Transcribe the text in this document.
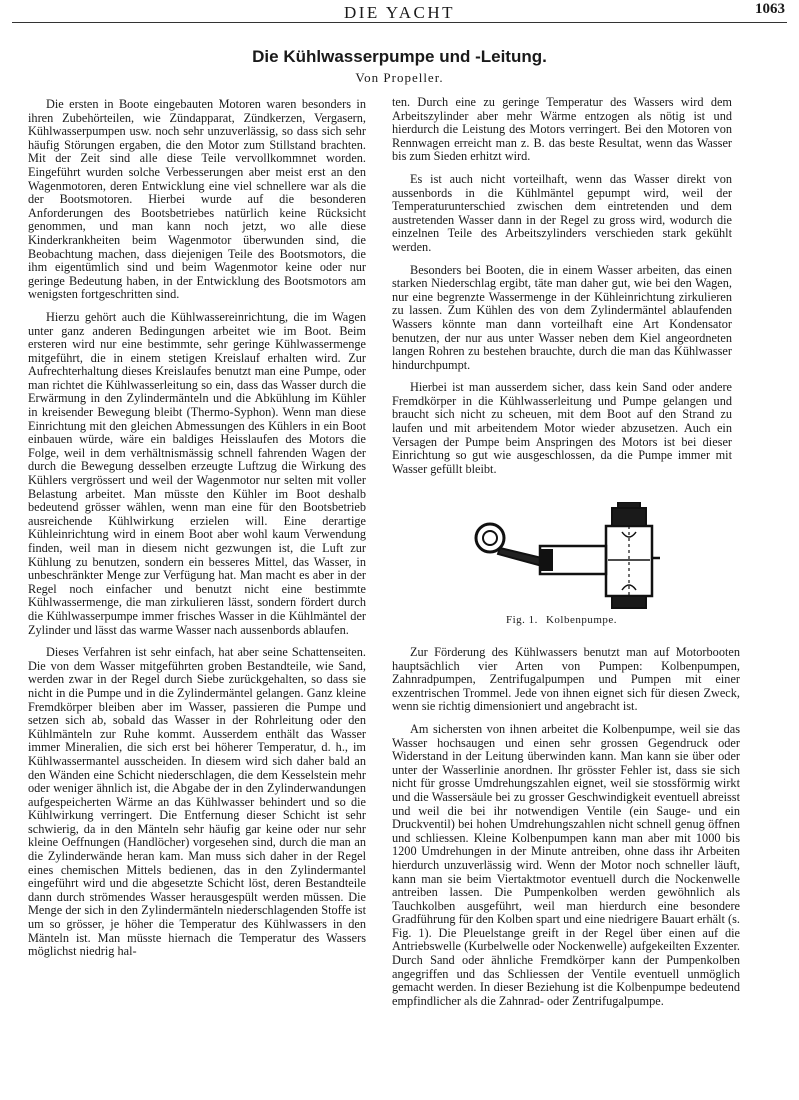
DIE YACHT	1063
Die Kühlwasserpumpe und -Leitung.
Von Propeller.

Die ersten in Boote eingebauten Motoren waren besonders in ihren Zubehörteilen, wie Zündapparat, Zündkerzen, Vergasern, Kühlwasserpumpen usw. noch sehr unzuverlässig, so dass sich sehr häufig Störungen ergaben, die den Motor zum Stillstand brachten. Mit der Zeit sind alle diese Teile vervollkommnet worden. Eingeführt wurden solche Verbesserungen aber meist erst an den Wagenmotoren, deren Entwicklung eine viel schnellere war als die der Bootsmotoren. Hierbei wurde auf die besonderen Anforderungen des Bootsbetriebes natürlich keine Rücksicht genommen, und man kann noch jetzt, wo alle diese Kinderkrankheiten beim Wagenmotor überwunden sind, die Beobachtung machen, dass diejenigen Teile des Bootsmotors, die ihm eigentümlich sind und beim Wagenmotor keine oder nur geringe Bedeutung haben, in der Entwicklung des Bootsmotors am wenigsten fortgeschritten sind.

Hierzu gehört auch die Kühlwassereinrichtung, die im Wagen unter ganz anderen Bedingungen arbeitet wie im Boot. Beim ersteren wird nur eine bestimmte, sehr geringe Kühlwassermenge mitgeführt, die in einem stetigen Kreislauf erhalten wird. Zur Aufrechterhaltung dieses Kreislaufes benutzt man eine Pumpe, oder man richtet die Kühlwasserleitung so ein, dass das Wasser durch die Erwärmung in den Zylindermänteln und die Abkühlung im Kühler in kreisender Bewegung bleibt (Thermo-Syphon). Wenn man diese Einrichtung mit den gleichen Abmessungen des Kühlers in ein Boot einbauen würde, wäre ein baldiges Heisslaufen des Motors die Folge, weil in dem verhältnismässig schnell fahrenden Wagen der durch die Bewegung desselben erzeugte Luftzug die Wirkung des Kühlers vergrössert und weil der Wagenmotor nur selten mit voller Belastung arbeitet. Man müsste den Kühler im Boot deshalb bedeutend grösser wählen, wenn man eine für den Bootsbetrieb ausreichende Kühlwirkung erzielen will. Eine derartige Kühleinrichtung wird in einem Boot aber wohl kaum Verwendung finden, weil man in diesem nicht gezwungen ist, die Luft zur Kühlung zu benutzen, sondern ein besseres Mittel, das Wasser, in unbeschränkter Menge zur Verfügung hat. Man macht es aber in der Regel noch einfacher und benutzt nicht eine bestimmte Kühlwassermenge, die man zirkulieren lässt, sondern fördert durch die Kühlwasserpumpe immer frisches Wasser in die Kühlmäntel der Zylinder und lässt das warme Wasser nach aussenbords ablaufen.

Dieses Verfahren ist sehr einfach, hat aber seine Schattenseiten. Die von dem Wasser mitgeführten groben Bestandteile, wie Sand, werden zwar in der Regel durch Siebe zurückgehalten, so dass sie nicht in die Pumpe und in die Zylindermäntel gelangen. Ganz kleine Fremdkörper bleiben aber im Wasser, passieren die Pumpe und setzen sich ab, sobald das Wasser in der Rohrleitung oder den Kühlmänteln zur Ruhe kommt. Ausserdem enthält das Wasser immer Mineralien, die sich erst bei höherer Temperatur, d. h., im Kühlwassermantel ausscheiden. In diesem wird sich daher bald an den Wänden eine Schicht niederschlagen, die dem Kesselstein mehr oder weniger ähnlich ist, die Abgabe der in den Zylinderwandungen aufgespeicherten Wärme an das Kühlwasser behindert und so die Kühlwirkung verringert. Die Entfernung dieser Schicht ist sehr schwierig, da in den Mänteln sehr häufig gar keine oder nur sehr kleine Oeffnungen (Handlöcher) vorgesehen sind, durch die man an die Zylinderwände heran kam. Man muss sich daher in der Regel eines chemischen Mittels bedienen, das in den Zylindermantel eingeführt wird und die abgesetzte Schicht löst, deren Bestandteile dann durch strömendes Wasser herausgespült werden müssen. Die Menge der sich in den Zylindermänteln niederschlagenden Stoffe ist um so grösser, je höher die Temperatur des Kühlwassers in den Mänteln ist. Man müsste hiernach die Temperatur des Wassers möglichst niedrig hal-

ten. Durch eine zu geringe Temperatur des Wassers wird dem Arbeitszylinder aber mehr Wärme entzogen als nötig ist und hierdurch die Leistung des Motors verringert. Bei den Motoren von Rennwagen erreicht man z. B. das beste Resultat, wenn das Wasser bis zum Sieden erhitzt wird.

Es ist auch nicht vorteilhaft, wenn das Wasser direkt von aussenbords in die Kühlmäntel gepumpt wird, weil der Temperaturunterschied zwischen dem eintretenden und dem austretenden Wasser dann in der Regel zu gross wird, wodurch die einzelnen Teile des Arbeitszylinders verschieden stark gekühlt werden.

Besonders bei Booten, die in einem Wasser arbeiten, das einen starken Niederschlag ergibt, täte man daher gut, wie bei den Wagen, nur eine begrenzte Wassermenge in der Kühleinrichtung zirkulieren zu lassen. Zum Kühlen des von dem Zylindermäntel ablaufenden Wassers könnte man dann vorteilhaft eine Art Kondensator benutzen, der nur aus unter Wasser neben dem Kiel angeordneten langen Rohren zu bestehen brauchte, durch die man das Kühlwasser hindurchpumpt.

Hierbei ist man ausserdem sicher, dass kein Sand oder andere Fremdkörper in die Kühlwasserleitung und Pumpe gelangen und braucht sich nicht zu scheuen, mit dem Boot auf den Strand zu laufen und mit arbeitendem Motor wieder abzusetzen. Auch ein Versagen der Pumpe beim Anspringen des Motors ist bei dieser Einrichtung so gut wie ausgeschlossen, da die Pumpe immer mit Wasser gefüllt bleibt.

Fig. 1. Kolbenpumpe.

Zur Förderung des Kühlwassers benutzt man auf Motorbooten hauptsächlich vier Arten von Pumpen: Kolbenpumpen, Zahnradpumpen, Zentrifugalpumpen und Pumpen mit einer exzentrischen Trommel. Jede von ihnen eignet sich für diesen Zweck, wenn sie richtig dimensioniert und angebracht ist.

Am sichersten von ihnen arbeitet die Kolbenpumpe, weil sie das Wasser hochsaugen und einen sehr grossen Gegendruck oder Widerstand in der Leitung überwinden kann. Man kann sie über oder unter der Wasserlinie anordnen. Ihr grösster Fehler ist, dass sie sich nicht für grosse Umdrehungszahlen eignet, weil sie stossförmig wirkt und die Wassersäule bei zu grosser Geschwindigkeit eventuell abreisst und weil die bei ihr notwendigen Ventile (ein Sauge- und ein Druckventil) bei hohen Umdrehungszahlen nicht schnell genug öffnen und schliessen. Kleine Kolbenpumpen kann man aber mit 1000 bis 1200 Umdrehungen in der Minute antreiben, ohne dass ihr Arbeiten hierdurch unzuverlässig wird. Wenn der Motor noch schneller läuft, kann man sie beim Viertaktmotor eventuell durch die Nockenwelle antreiben lassen. Die Pumpenkolben werden gewöhnlich als Tauchkolben ausgeführt, weil man hierdurch eine besondere Gradführung für den Kolben spart und eine niedrigere Bauart erhält (s. Fig. 1). Die Pleuelstange greift in der Regel über einen auf die Antriebswelle (Kurbelwelle oder Nockenwelle) aufgekeilten Exzenter. Durch Sand oder ähnliche Fremdkörper kann der Pumpenkolben angegriffen und das Schliessen der Ventile eventuell unmöglich gemacht werden. In dieser Beziehung ist die Kolbenpumpe bedeutend empfindlicher als die Zahnrad- oder Zentrifugalpumpe.
